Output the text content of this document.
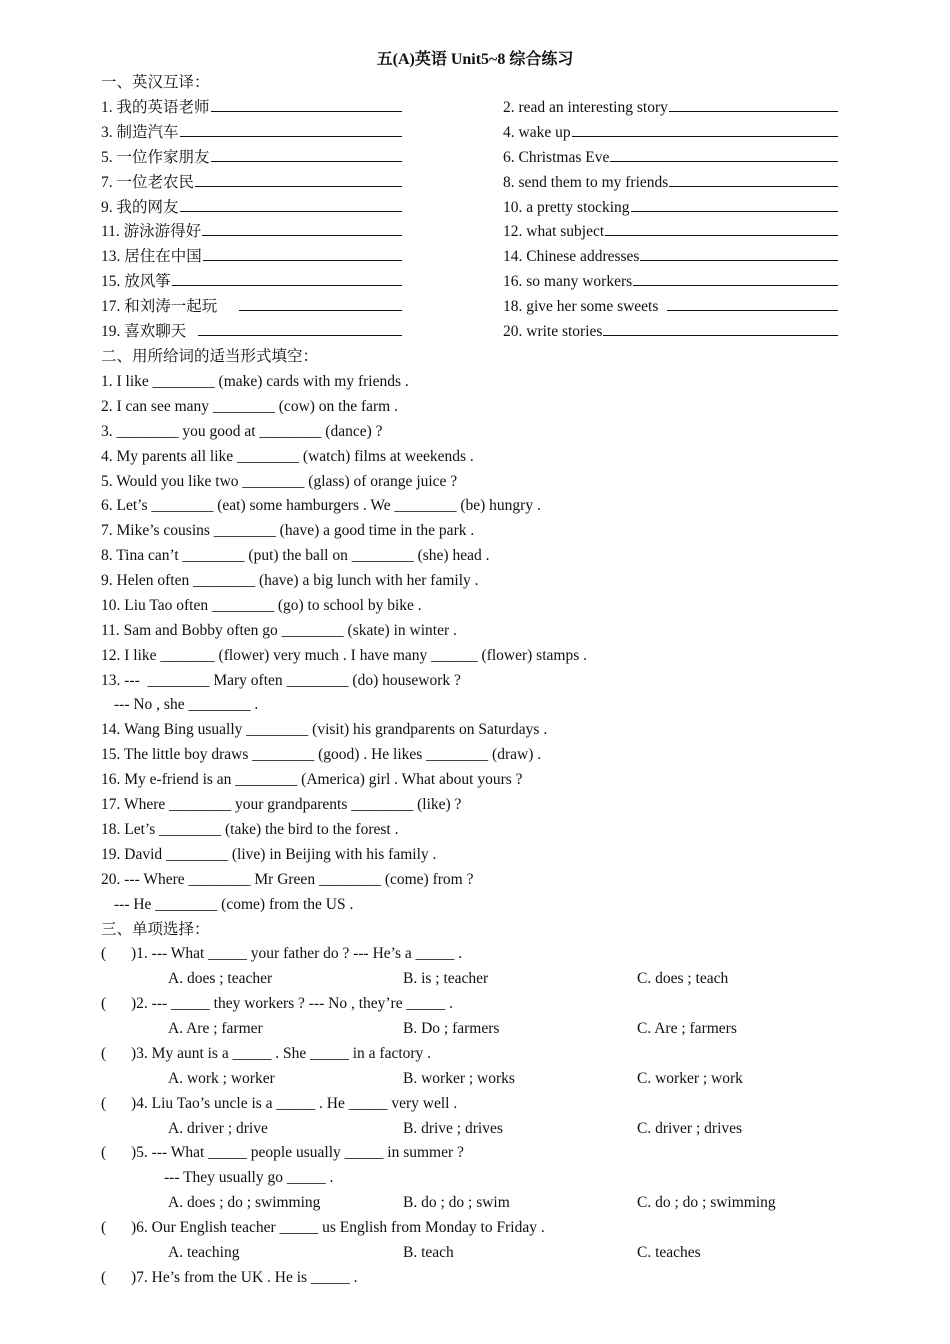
五(A)英语 Unit5~8 综合练习
一、英汉互译：
1. 我的英语老师	2. read an interesting story
3. 制造汽车	4. wake up
5. 一位作家朋友	6. Christmas Eve
7. 一位老农民	8. send them to my friends
9. 我的网友	10. a pretty stocking
11. 游泳游得好	12. what subject
13. 居住在中国	14. Chinese addresses
15. 放风筝	16. so many workers
17. 和刘涛一起玩	18. give her some sweets
19. 喜欢聊天	20. write stories
二、用所给词的适当形式填空：
1. I like ________ (make) cards with my friends .
2. I can see many ________ (cow) on the farm .
3. ________ you good at ________ (dance) ?
4. My parents all like ________ (watch) films at weekends .
5. Would you like two ________ (glass) of orange juice ?
6. Let’s ________ (eat) some hamburgers . We ________ (be) hungry .
7. Mike’s cousins ________ (have) a good time in the park .
8. Tina can’t ________ (put) the ball on ________ (she) head .
9. Helen often ________ (have) a big lunch with her family .
10. Liu Tao often ________ (go) to school by bike .
11. Sam and Bobby often go ________ (skate) in winter .
12. I like _______ (flower) very much . I have many ______ (flower) stamps .
13. ---  ________ Mary often ________ (do) housework ?
--- No , she ________ .
14. Wang Bing usually ________ (visit) his grandparents on Saturdays .
15. The little boy draws ________ (good) . He likes ________ (draw) .
16. My e-friend is an ________ (America) girl . What about yours ?
17. Where ________ your grandparents ________ (like) ?
18. Let’s ________ (take) the bird to the forest .
19. David ________ (live) in Beijing with his family .
20. --- Where ________ Mr Green ________ (come) from ?
--- He ________ (come) from the US .
三、单项选择：
( )1. --- What _____ your father do ? --- He’s a _____ .
A. does ; teacher	B. is ; teacher	C. does ; teach
( )2. --- _____ they workers ? --- No , they’re _____ .
A. Are ; farmer	B. Do ; farmers	C. Are ; farmers
( )3. My aunt is a _____ . She _____ in a factory .
A. work ; worker	B. worker ; works	C. worker ; work
( )4. Liu Tao’s uncle is a _____ . He _____ very well .
A. driver ; drive	B. drive ; drives	C. driver ; drives
( )5. --- What _____ people usually _____ in summer ?
--- They usually go _____ .
A. does ; do ; swimming	B. do ; do ; swim	C. do ; do ; swimming
( )6. Our English teacher _____ us English from Monday to Friday .
A. teaching	B. teach	C. teaches
( )7. He’s from the UK . He is _____ .
